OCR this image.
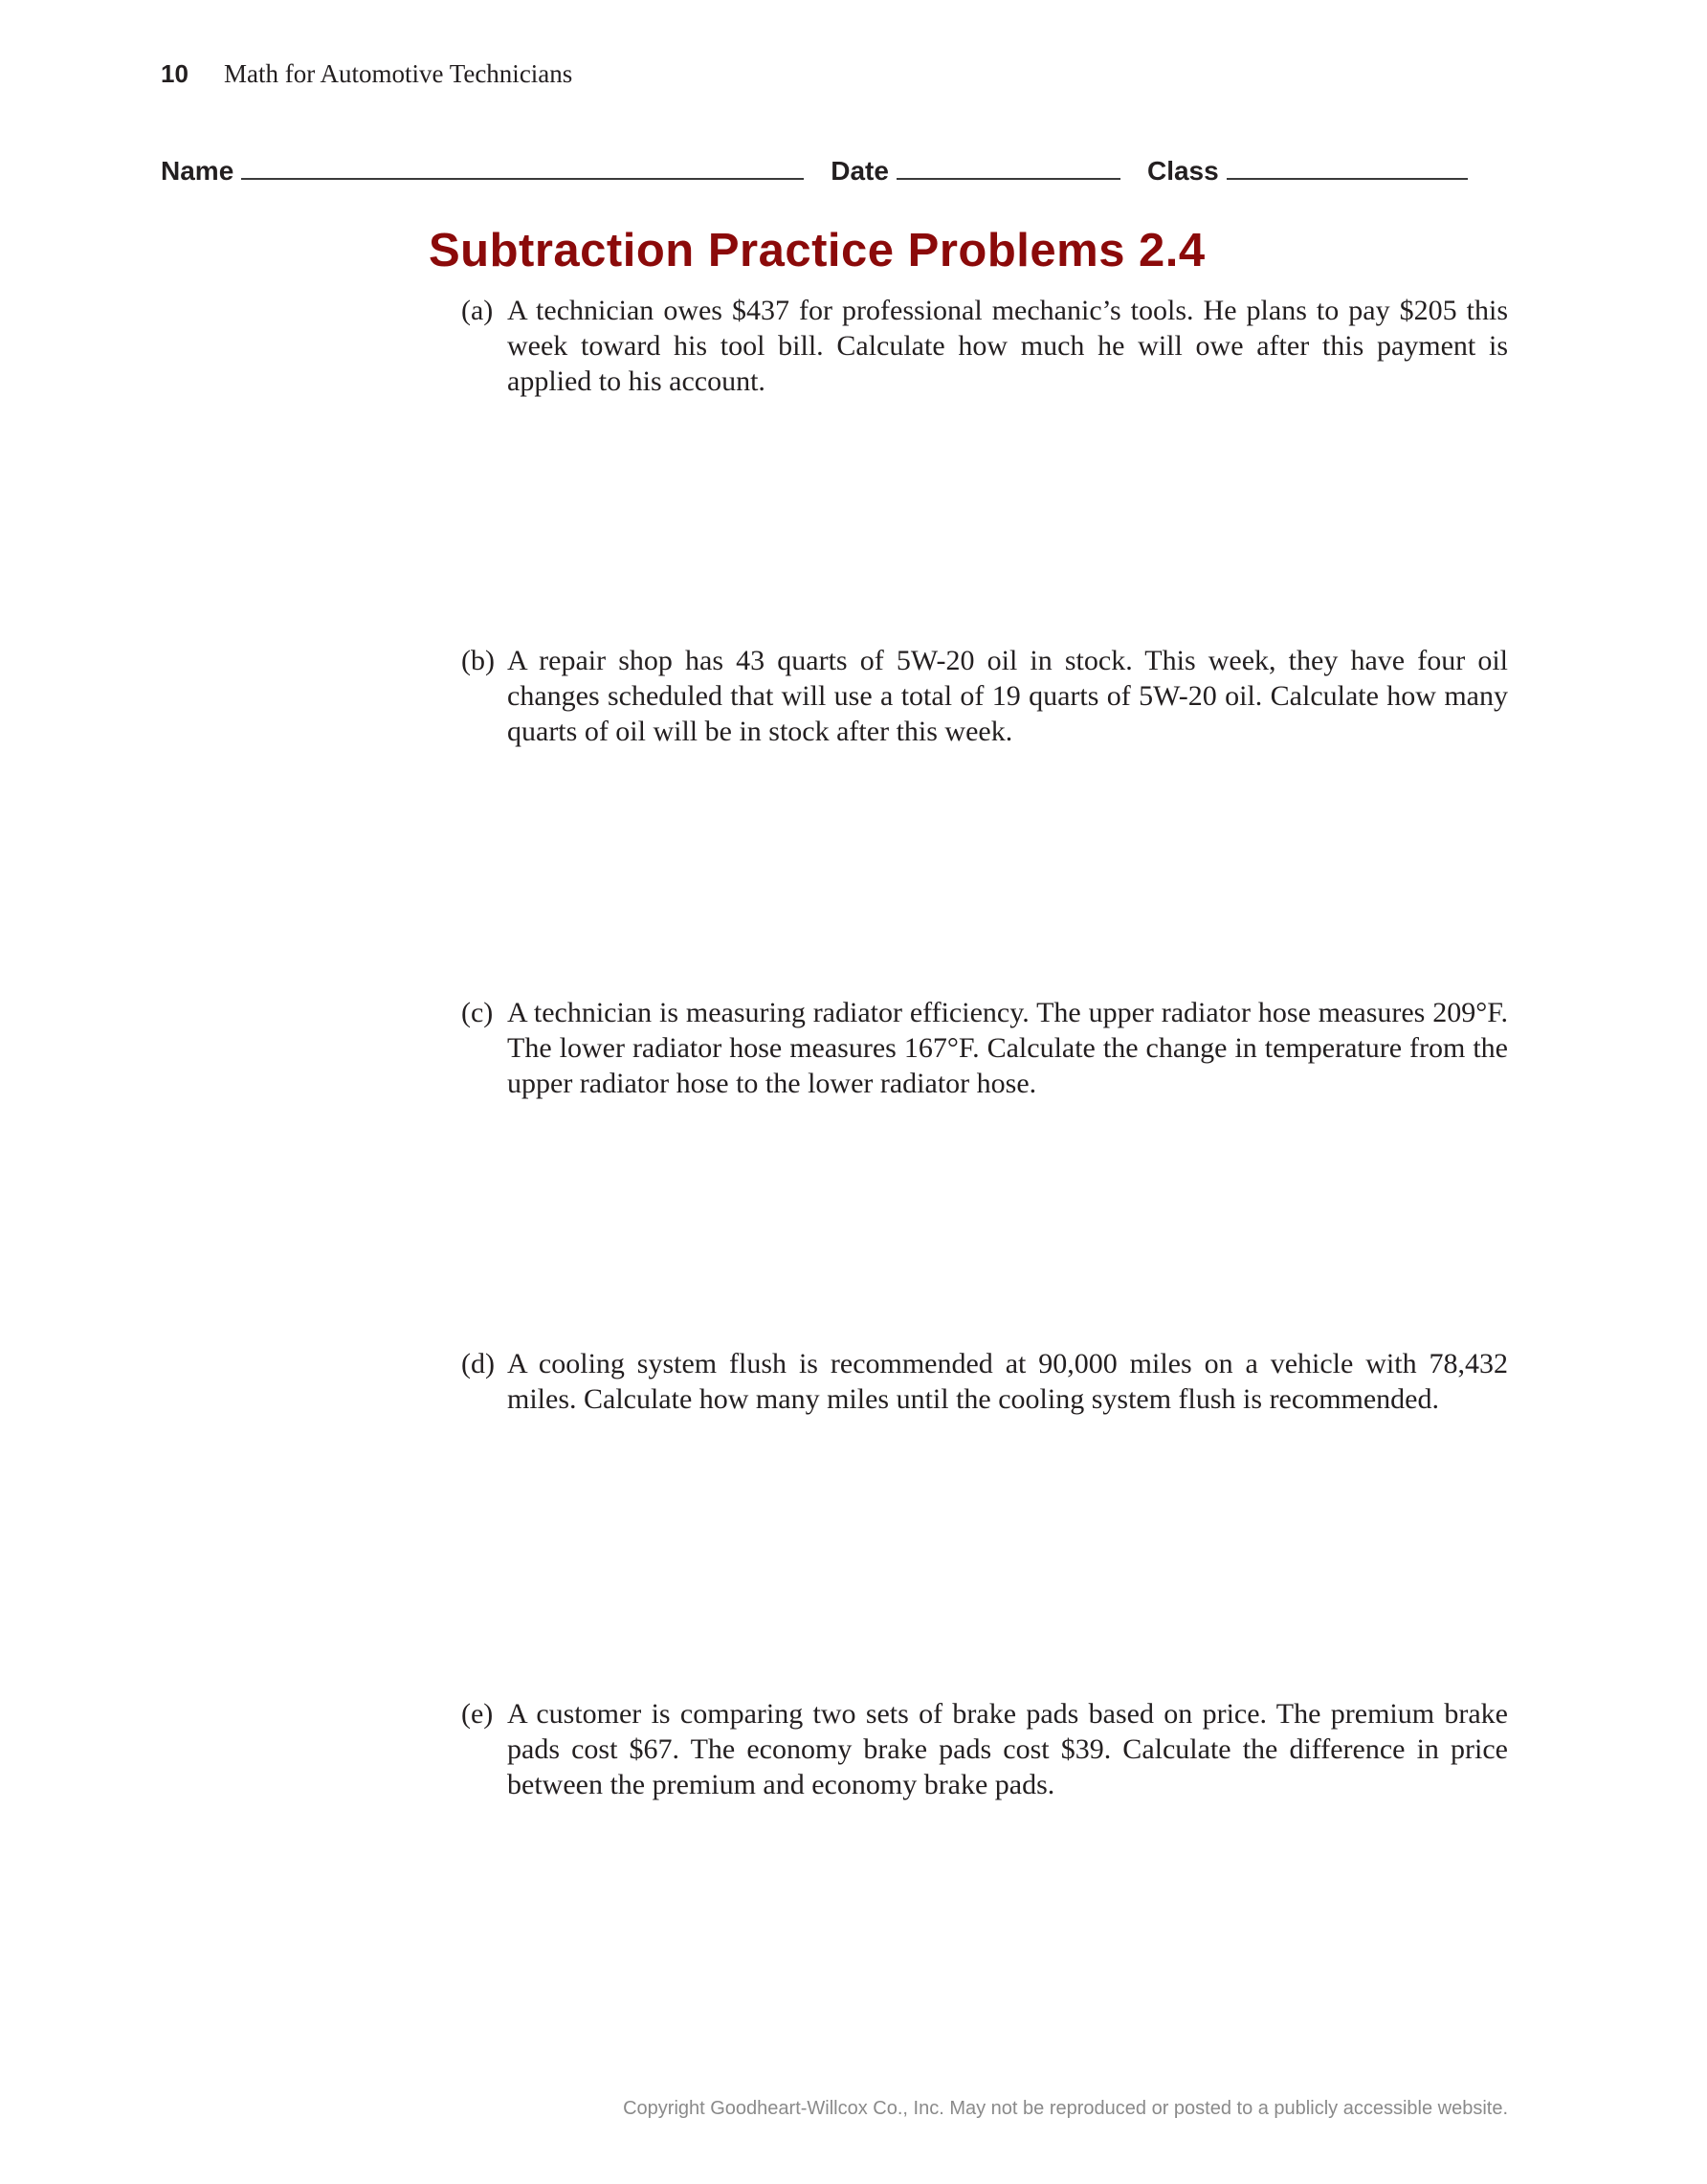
10	Math for Automotive Technicians
Name	Date	Class
Subtraction Practice Problems 2.4
(a) A technician owes $437 for professional mechanic’s tools. He plans to pay $205 this week toward his tool bill. Calculate how much he will owe after this payment is applied to his account.
(b) A repair shop has 43 quarts of 5W-20 oil in stock. This week, they have four oil changes scheduled that will use a total of 19 quarts of 5W-20 oil. Calculate how many quarts of oil will be in stock after this week.
(c) A technician is measuring radiator efficiency. The upper radiator hose measures 209°F. The lower radiator hose measures 167°F. Calculate the change in temperature from the upper radiator hose to the lower radiator hose.
(d) A cooling system flush is recommended at 90,000 miles on a vehicle with 78,432 miles. Calculate how many miles until the cooling system flush is recommended.
(e) A customer is comparing two sets of brake pads based on price. The premium brake pads cost $67. The economy brake pads cost $39. Calculate the difference in price between the premium and economy brake pads.
Copyright Goodheart-Willcox Co., Inc. May not be reproduced or posted to a publicly accessible website.
